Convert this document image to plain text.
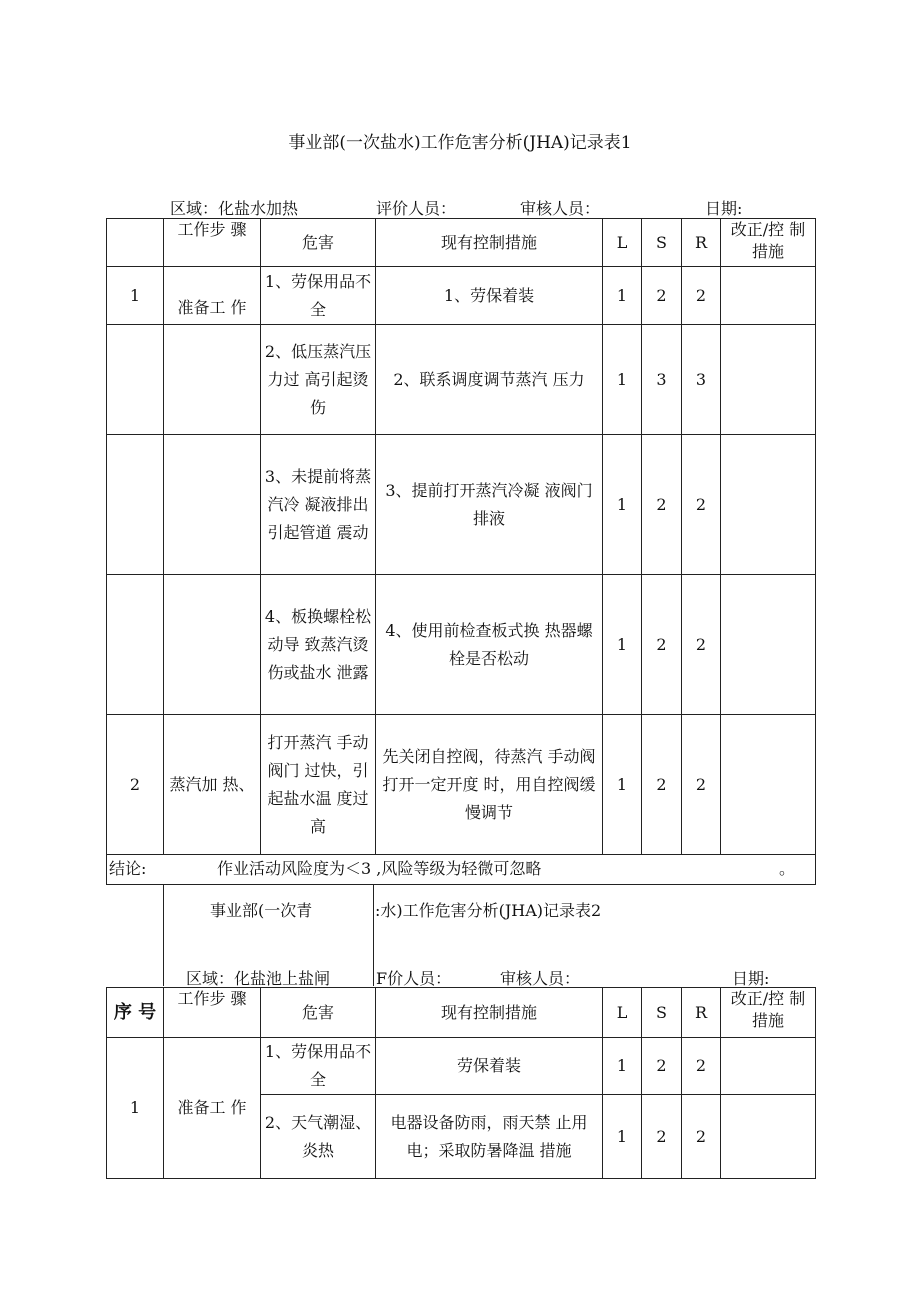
事业部(一次盐水)工作危害分析(JHA)记录表1
区域：化盐水加热	评价人员：	审核人员：	日期:
	工作步 骤	危害	现有控制措施	L	S	R	改正/控 制措施
1	准备工 作	1、劳保用品不全	1、劳保着装	1	2	2	
		2、低压蒸汽压力过 高引起烫 伤	2、联系调度调节蒸汽 压力	1	3	3	
		3、未提前将蒸汽冷 凝液排出 引起管道 震动	3、提前打开蒸汽冷凝 液阀门排液	1	2	2	
		4、板换螺栓松动导 致蒸汽烫 伤或盐水 泄露	4、使用前检查板式换 热器螺栓是否松动	1	2	2	
2	蒸汽加 热、	打开蒸汽 手动阀门 过快，引 起盐水温 度过高	先关闭自控阀，待蒸汽 手动阀打开一定开度 时，用自控阀缓慢调节	1	2	2	

结论: 作业活动风险度为＜3 ,风险等级为轻微可忽略 。							
事业部(一次青	:水)工作危害分析(JHA)记录表2
区域：化盐池上盐闸	F价人员：	审核人员：	日期:
序 号	工作步 骤	危害	现有控制措施	L	S	R	改正/控 制措施
1	准备工 作	1、劳保用品不全	劳保着装	1	2	2	
		2、天气潮湿、炎热	电器设备防雨，雨天禁 止用电；采取防暑降温 措施	1	2	2	
